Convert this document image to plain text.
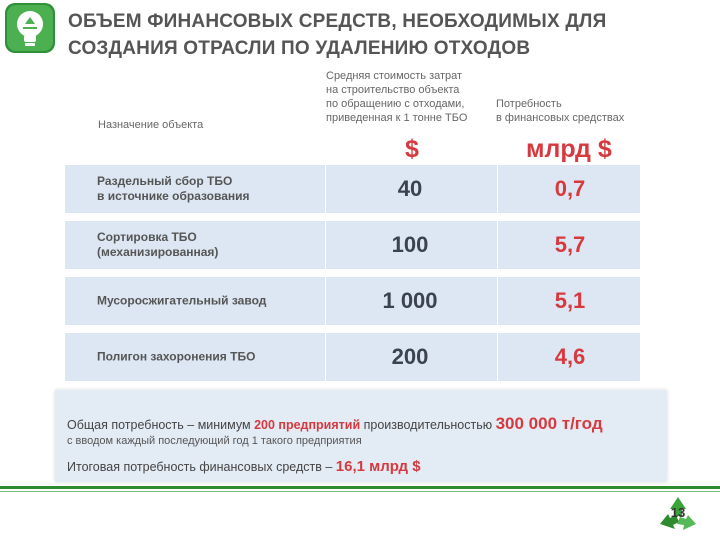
ОБЪЕМ ФИНАНСОВЫХ СРЕДСТВ, НЕОБХОДИМЫХ ДЛЯ
СОЗДАНИЯ ОТРАСЛИ ПО УДАЛЕНИЮ ОТХОДОВ
Назначение объекта
Средняя стоимость затрат
на строительство объекта
по обращению с отходами,
приведенная к 1 тонне ТБО
Потребность
в финансовых средствах
$	млрд $
Раздельный сбор ТБО
в источнике образования	40	0,7
Сортировка ТБО
(механизированная)	100	5,7
Мусоросжигательный завод	1 000	5,1
Полигон захоронения ТБО	200	4,6
Общая потребность – минимум 200 предприятий производительностью 300 000 т/год
с вводом каждый последующий год 1 такого предприятия
Итоговая потребность финансовых средств – 16,1 млрд $
13
